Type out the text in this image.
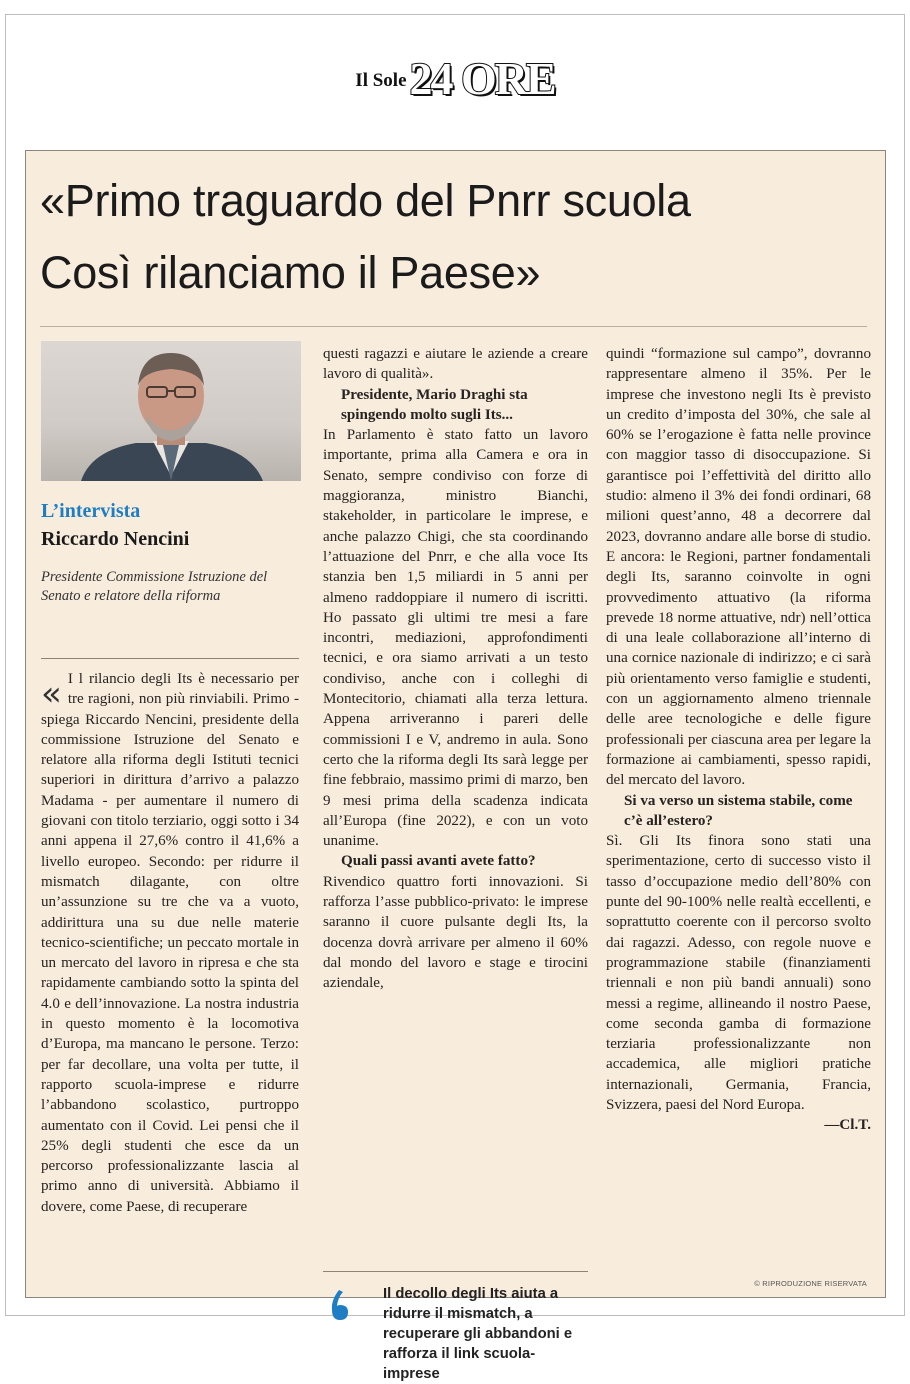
Il Sole24 ORE
«Primo traguardo del Pnrr scuola
Così rilanciamo il Paese»
L’intervista
Riccardo Nencini
Presidente Commissione Istruzione del Senato e relatore della riforma

« I l rilancio degli Its è necessario per tre ragioni, non più rinviabili. Primo - spiega Riccardo Nencini, presidente della commissione Istruzione del Senato e relatore alla riforma degli Istituti tecnici superiori in dirittura d’arrivo a palazzo Madama - per aumentare il numero di giovani con titolo terziario, oggi sotto i 34 anni appena il 27,6% contro il 41,6% a livello europeo. Secondo: per ridurre il mismatch dilagante, con oltre un’assunzione su tre che va a vuoto, addirittura una su due nelle materie tecnico-scientifiche; un peccato mortale in un mercato del lavoro in ripresa e che sta rapidamente cambiando sotto la spinta del 4.0 e dell’innovazione. La nostra industria in questo momento è la locomotiva d’Europa, ma mancano le persone. Terzo: per far decollare, una volta per tutte, il rapporto scuola-imprese e ridurre l’abbandono scolastico, purtroppo aumentato con il Covid. Lei pensi che il 25% degli studenti che esce da un percorso professionalizzante lascia al primo anno di università. Abbiamo il dovere, come Paese, di recuperare

questi ragazzi e aiutare le aziende a creare lavoro di qualità».

Presidente, Mario Draghi sta spingendo molto sugli Its...

In Parlamento è stato fatto un lavoro importante, prima alla Camera e ora in Senato, sempre condiviso con forze di maggioranza, ministro Bianchi, stakeholder, in particolare le imprese, e anche palazzo Chigi, che sta coordinando l’attuazione del Pnrr, e che alla voce Its stanzia ben 1,5 miliardi in 5 anni per almeno raddoppiare il numero di iscritti. Ho passato gli ultimi tre mesi a fare incontri, mediazioni, approfondimenti tecnici, e ora siamo arrivati a un testo condiviso, anche con i colleghi di Montecitorio, chiamati alla terza lettura. Appena arriveranno i pareri delle commissioni I e V, andremo in aula. Sono certo che la riforma degli Its sarà legge per fine febbraio, massimo primi di marzo, ben 9 mesi prima della scadenza indicata all’Europa (fine 2022), e con un voto unanime.

Quali passi avanti avete fatto?

Rivendico quattro forti innovazioni. Si rafforza l’asse pubblico-privato: le imprese saranno il cuore pulsante degli Its, la docenza dovrà arrivare per almeno il 60% dal mondo del lavoro e stage e tirocini aziendale,

Il decollo degli Its aiuta a ridurre il mismatch, a recuperare gli abbandoni e rafforza il link scuola-imprese

quindi “formazione sul campo”, dovranno rappresentare almeno il 35%. Per le imprese che investono negli Its è previsto un credito d’imposta del 30%, che sale al 60% se l’erogazione è fatta nelle province con maggior tasso di disoccupazione. Si garantisce poi l’effettività del diritto allo studio: almeno il 3% dei fondi ordinari, 68 milioni quest’anno, 48 a decorrere dal 2023, dovranno andare alle borse di studio. E ancora: le Regioni, partner fondamentali degli Its, saranno coinvolte in ogni provvedimento attuativo (la riforma prevede 18 norme attuative, ndr) nell’ottica di una leale collaborazione all’interno di una cornice nazionale di indirizzo; e ci sarà più orientamento verso famiglie e studenti, con un aggiornamento almeno triennale delle aree tecnologiche e delle figure professionali per ciascuna area per legare la formazione ai cambiamenti, spesso rapidi, del mercato del lavoro.

Si va verso un sistema stabile, come c’è all’estero?

Sì. Gli Its finora sono stati una sperimentazione, certo di successo visto il tasso d’occupazione medio dell’80% con punte del 90-100% nelle realtà eccellenti, e soprattutto coerente con il percorso svolto dai ragazzi. Adesso, con regole nuove e programmazione stabile (finanziamenti triennali e non più bandi annuali) sono messi a regime, allineando il nostro Paese, come seconda gamba di formazione terziaria professionalizzante non accademica, alle migliori pratiche internazionali, Germania, Francia, Svizzera, paesi del Nord Europa.

—Cl.T.

© RIPRODUZIONE RISERVATA
